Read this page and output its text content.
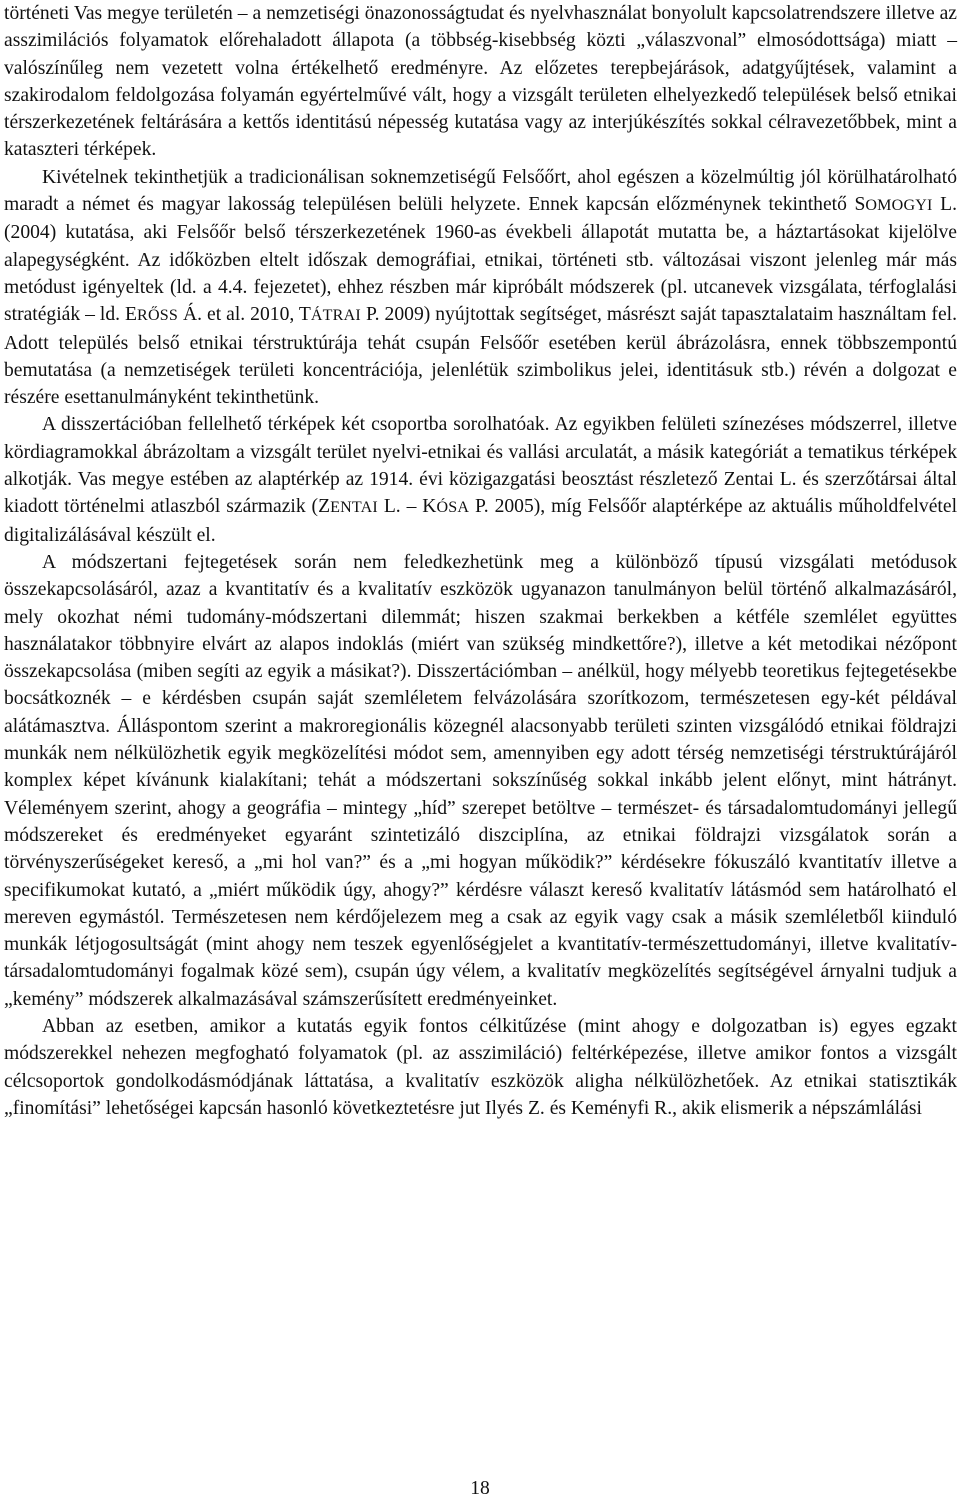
történeti Vas megye területén – a nemzetiségi önazonosságtudat és nyelvhasználat bonyolult kapcsolatrendszere illetve az asszimilációs folyamatok előrehaladott állapota (a többség-kisebbség közti „válaszvonal” elmosódottsága) miatt – valószínűleg nem vezetett volna értékelhető eredményre. Az előzetes terepbejárások, adatgyűjtések, valamint a szakirodalom feldolgozása folyamán egyértelművé vált, hogy a vizsgált területen elhelyezkedő települések belső etnikai térszerkezetének feltárására a kettős identitású népesség kutatása vagy az interjúkészítés sokkal célravezetőbbek, mint a kataszteri térképek.

Kivételnek tekinthetjük a tradicionálisan soknemzetiségű Felsőőrt, ahol egészen a közelmúltig jól körülhatárolható maradt a német és magyar lakosság településen belüli helyzete. Ennek kapcsán előzménynek tekinthető SOMOGYI L. (2004) kutatása, aki Felsőőr belső térszerkezetének 1960-as évekbeli állapotát mutatta be, a háztartásokat kijelölve alapegységként. Az időközben eltelt időszak demográfiai, etnikai, történeti stb. változásai viszont jelenleg már más metódust igényeltek (ld. a 4.4. fejezetet), ehhez részben már kipróbált módszerek (pl. utcanevek vizsgálata, térfoglalási stratégiák – ld. ERŐSS Á. et al. 2010, TÁTRAI P. 2009) nyújtottak segítséget, másrészt saját tapasztalataim használtam fel. Adott település belső etnikai térstruktúrája tehát csupán Felsőőr esetében kerül ábrázolásra, ennek többszempontú bemutatása (a nemzetiségek területi koncentrációja, jelenlétük szimbolikus jelei, identitásuk stb.) révén a dolgozat e részére esettanulmányként tekinthetünk.

A disszertációban fellelhető térképek két csoportba sorolhatóak. Az egyikben felületi színezéses módszerrel, illetve kördiagramokkal ábrázoltam a vizsgált terület nyelvi-etnikai és vallási arculatát, a másik kategóriát a tematikus térképek alkotják. Vas megye estében az alaptérkép az 1914. évi közigazgatási beosztást részletező Zentai L. és szerzőtársai által kiadott történelmi atlaszból származik (ZENTAI L. – KÓSA P. 2005), míg Felsőőr alaptérképe az aktuális műholdfelvétel digitalizálásával készült el.

A módszertani fejtegetések során nem feledkezhetünk meg a különböző típusú vizsgálati metódusok összekapcsolásáról, azaz a kvantitatív és a kvalitatív eszközök ugyanazon tanulmányon belül történő alkalmazásáról, mely okozhat némi tudomány-módszertani dilemmát; hiszen szakmai berkekben a kétféle szemlélet együttes használatakor többnyire elvárt az alapos indoklás (miért van szükség mindkettőre?), illetve a két metodikai nézőpont összekapcsolása (miben segíti az egyik a másikat?). Disszertációmban – anélkül, hogy mélyebb teoretikus fejtegetésekbe bocsátkoznék – e kérdésben csupán saját szemléletem felvázolására szorítkozom, természetesen egy-két példával alátámasztva. Álláspontom szerint a makroregionális közegnél alacsonyabb területi szinten vizsgálódó etnikai földrajzi munkák nem nélkülözhetik egyik megközelítési módot sem, amennyiben egy adott térség nemzetiségi térstruktúrájáról komplex képet kívánunk kialakítani; tehát a módszertani sokszínűség sokkal inkább jelent előnyt, mint hátrányt. Véleményem szerint, ahogy a geográfia – mintegy „híd” szerepet betöltve – természet- és társadalomtudományi jellegű módszereket és eredményeket egyaránt szintetizáló diszciplína, az etnikai földrajzi vizsgálatok során a törvényszerűségeket kereső, a „mi hol van?” és a „mi hogyan működik?” kérdésekre fókuszáló kvantitatív illetve a specifikumokat kutató, a „miért működik úgy, ahogy?” kérdésre választ kereső kvalitatív látásmód sem határolható el mereven egymástól. Természetesen nem kérdőjelezem meg a csak az egyik vagy csak a másik szemléletből kiinduló munkák létjogosultságát (mint ahogy nem teszek egyenlőségjelet a kvantitatív-természettudományi, illetve kvalitatív-társadalomtudományi fogalmak közé sem), csupán úgy vélem, a kvalitatív megközelítés segítségével árnyalni tudjuk a „kemény” módszerek alkalmazásával számszerűsített eredményeinket.

Abban az esetben, amikor a kutatás egyik fontos célkitűzése (mint ahogy e dolgozatban is) egyes egzakt módszerekkel nehezen megfogható folyamatok (pl. az asszimiláció) feltérképezése, illetve amikor fontos a vizsgált célcsoportok gondolkodásmódjának láttatása, a kvalitatív eszközök aligha nélkülözhetőek. Az etnikai statisztikák „finomítási” lehetőségei kapcsán hasonló következtetésre jut Ilyés Z. és Keményfi R., akik elismerik a népszámlálási

18
